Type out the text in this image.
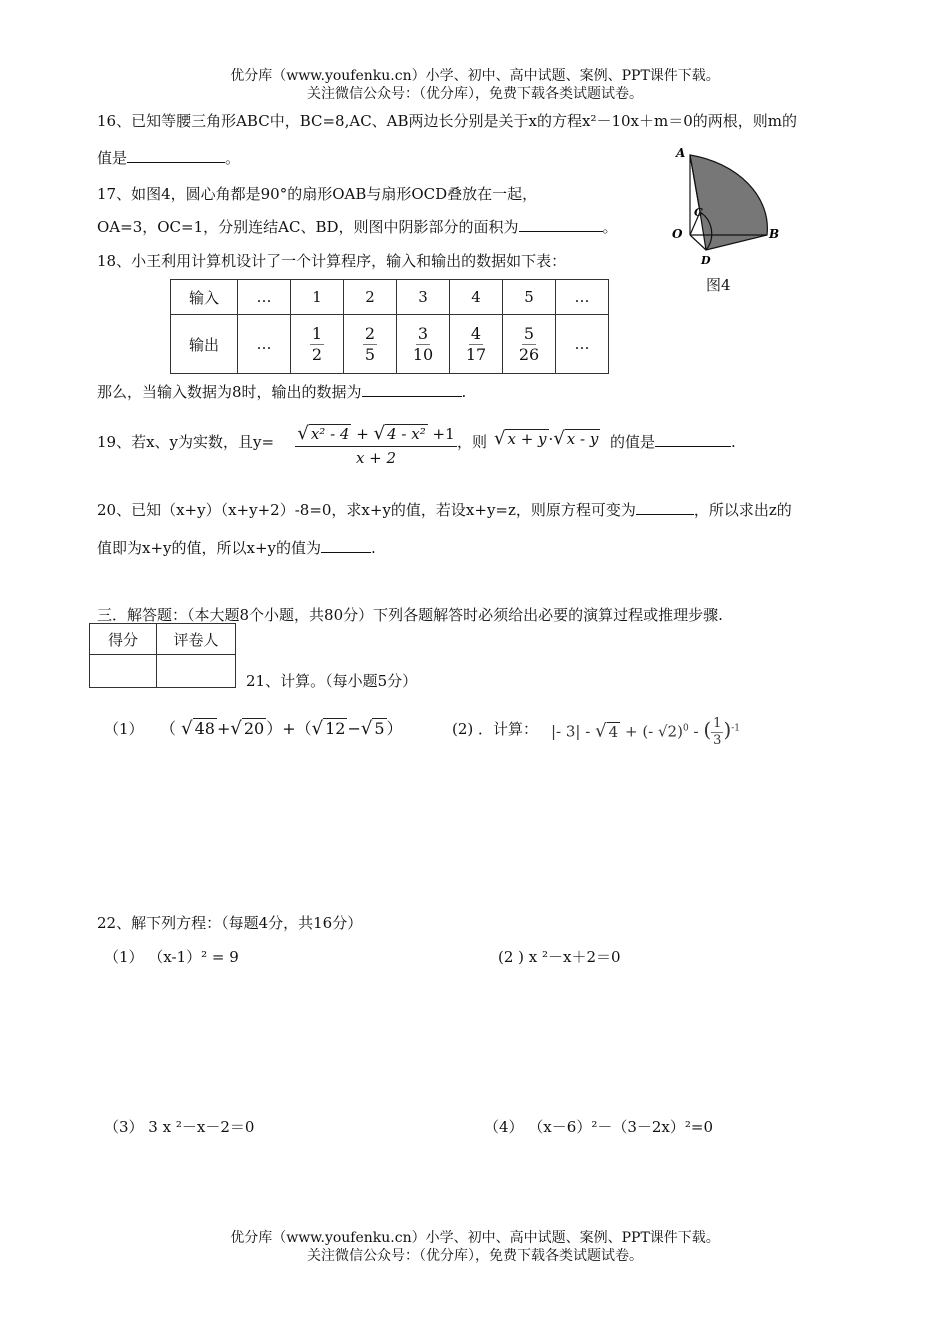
优分库（www.youfenku.cn）小学、初中、高中试题、案例、PPT课件下载。
关注微信公众号：（优分库），免费下载各类试题试卷。
16、已知等腰三角形ABC中，BC=8,AC、AB两边长分别是关于x的方程x²－10x＋m＝0的两根，则m的
值是	。
17、如图4，圆心角都是90°的扇形OAB与扇形OCD叠放在一起，
OA=3，OC=1，分别连结AC、BD，则图中阴影部分的面积为	。
A
B
C
D
O
图4
18、小王利用计算机设计了一个计算程序，输入和输出的数据如下表：
输入	…	1	2	3	4	5	…
输出	…	$\frac{1}{2}$	$\frac{2}{5}$	$\frac{3}{10}$	$\frac{4}{17}$	$\frac{5}{26}$	…
那么，当输入数据为8时，输出的数据为	.
19、若x、y为实数，且$y= \frac{\text{√ x² - 4 + √ 4 - x² +1}}{x + 2}$ ，则 √ x + y ·√ x - y 的值是	.
20、已知（x+y）（x+y+2）-8=0，求x+y的值，若设x+y=z，则原方程可变为	，所以求出z的
值即为x+y的值，所以x+y的值为	.
三．解答题：（本大题8个小题，共80分）下列各题解答时必须给出必要的演算过程或推理步骤.
得分	评卷人

21、计算。（每小题5分）
（1） （ √ 48 +√ 20 ）+（√ 12 −√ 5 ）	(2) ．计算： |- 3| - √ 4 + (- √2)$^0$ - ( $\frac{1}{3} )^{-1}$
22、解下列方程：（每题4分，共16分）
（1） （x-1）² = 9	(2 ) x ²－x＋2＝0
（3） 3 x ²－x－2＝0	（4） （x－6）²－（3－2x）²=0
优分库（www.youfenku.cn）小学、初中、高中试题、案例、PPT课件下载。
关注微信公众号：（优分库），免费下载各类试题试卷。
